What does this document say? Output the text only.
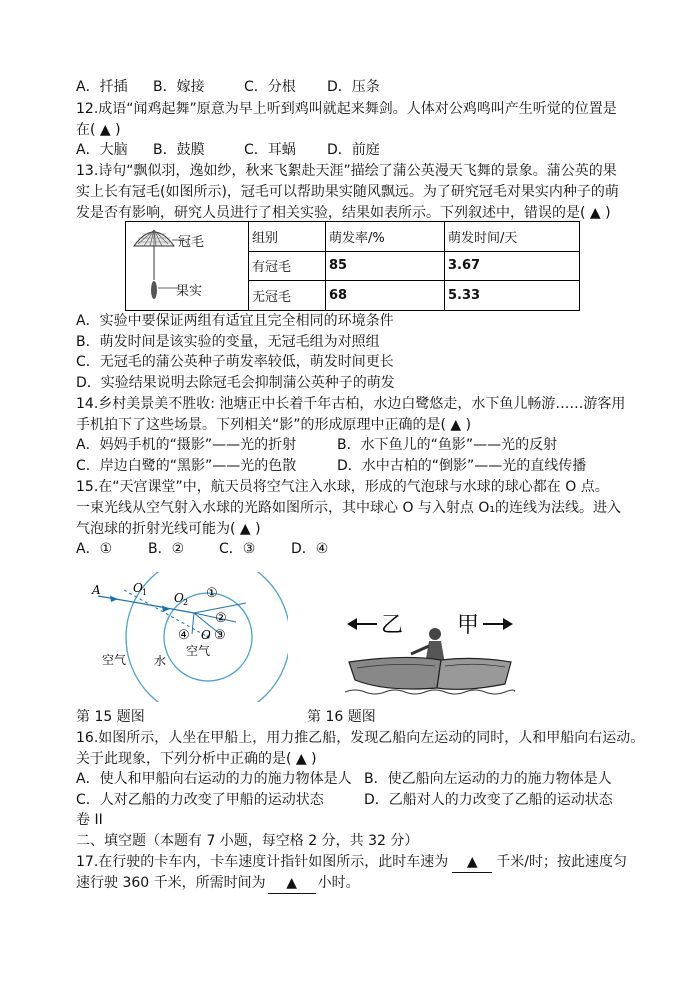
A．扦插 B．嫁接	C．分根 D．压条
12.成语“闻鸡起舞”原意为早上听到鸡叫就起来舞剑。人体对公鸡鸣叫产生听觉的位置是
在( ▲ )
A．大脑 B．鼓膜	C．耳蜗 D．前庭
13.诗句“飘似羽，逸如纱，秋来飞絮赴天涯”描绘了蒲公英漫天飞舞的景象。蒲公英的果
实上长有冠毛(如图所示)，冠毛可以帮助果实随风飘远。为了研究冠毛对果实内种子的萌
发是否有影响，研究人员进行了相关实验，结果如表所示。下列叙述中，错误的是( ▲ )
冠毛
果实	组别	萌发率/%	萌发时间/天
	有冠毛	85	3.67
	无冠毛	68	5.33
A．实验中要保证两组有适宜且完全相同的环境条件
B．萌发时间是该实验的变量，无冠毛组为对照组
C．无冠毛的蒲公英种子萌发率较低，萌发时间更长
D．实验结果说明去除冠毛会抑制蒲公英种子的萌发
14.乡村美景美不胜收: 池塘正中长着千年古柏，水边白鹭悠走，水下鱼儿畅游……游客用
手机拍下了这些场景。下列相关“影”的形成原理中正确的是( ▲ )
A．妈妈手机的“摄影”——光的折射	B．水下鱼儿的“鱼影”——光的反射
C．岸边白鹭的“黑影”——光的色散	D．水中古柏的“倒影”——光的直线传播
15.在“天宫课堂”中，航天员将空气注入水球，形成的气泡球与水球的球心都在 O 点。
一束光线从空气射入水球的光路如图所示，其中球心 O 与入射点 O₁的连线为法线。进入
气泡球的折射光线可能为( ▲ )
A．①	B．② C．③	D．④
A	O 1 O 2
O
①
②
③
④
空气
水
空气
乙 甲
第 15 题图	第 16 题图
16.如图所示，人坐在甲船上，用力推乙船，发现乙船向左运动的同时，人和甲船向右运动。
关于此现象，下列分析中正确的是( ▲ )
A．使人和甲船向右运动的力的施力物体是人 B．使乙船向左运动的力的施力物体是人
C．人对乙船的力改变了甲船的运动状态	D．乙船对人的力改变了乙船的运动状态
卷 II
二、填空题（本题有 7 小题，每空格 2 分，共 32 分）
17.在行驶的卡车内，卡车速度计指针如图所示，此时车速为 ▲ 千米/时；按此速度匀
速行驶 360 千米，所需时间为 ▲ 小时。
